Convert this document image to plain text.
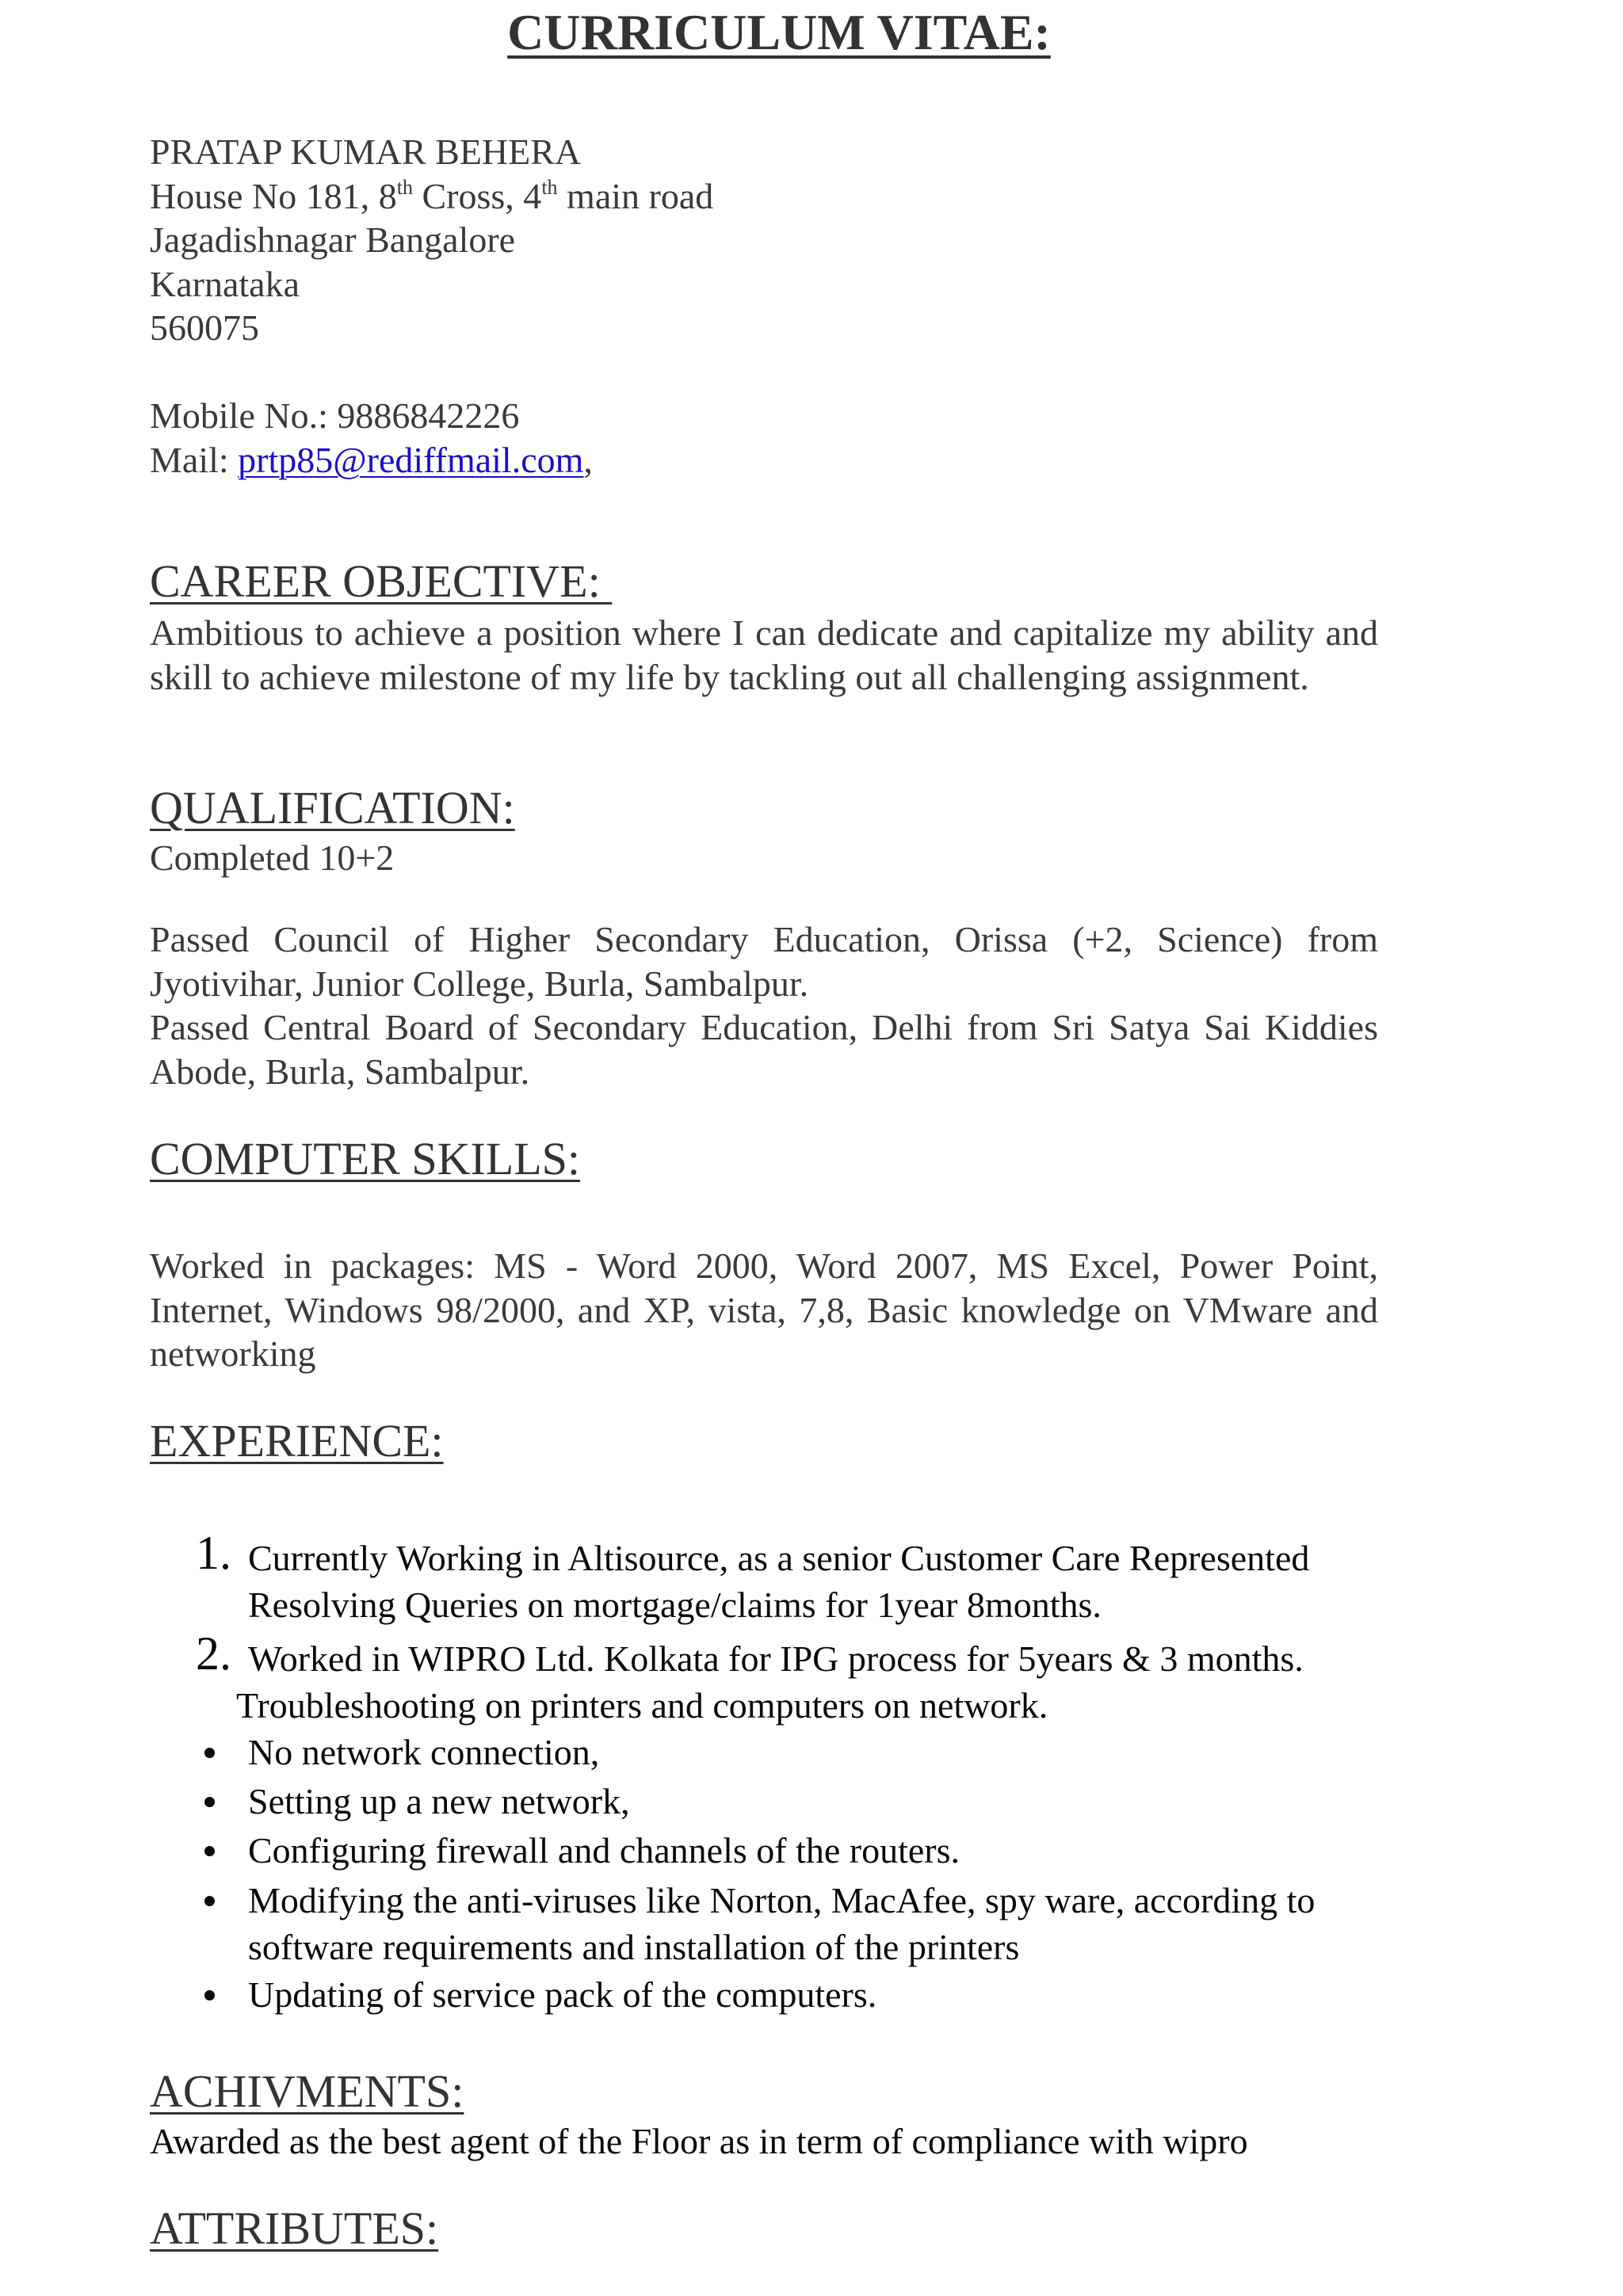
CURRICULUM VITAE:
PRATAP KUMAR BEHERA
House No 181, 8th Cross, 4th main road
Jagadishnagar Bangalore
Karnataka
560075
Mobile No.: 9886842226
Mail: prtp85@rediffmail.com,
CAREER OBJECTIVE:
Ambitious to achieve a position where I can dedicate and capitalize my ability and skill to achieve milestone of my life by tackling out all challenging assignment.
QUALIFICATION:
Completed 10+2
Passed Council of Higher Secondary Education, Orissa (+2, Science) from Jyotivihar, Junior College, Burla, Sambalpur.
Passed Central Board of Secondary Education, Delhi from Sri Satya Sai Kiddies Abode, Burla, Sambalpur.
COMPUTER SKILLS:
Worked in packages: MS - Word 2000, Word 2007, MS Excel, Power Point, Internet, Windows 98/2000, and XP, vista, 7,8, Basic knowledge on VMware and networking
EXPERIENCE:
1. Currently Working in Altisource, as a senior Customer Care Represented
Resolving Queries on mortgage/claims for 1year 8months.
2. Worked in WIPRO Ltd. Kolkata for IPG process for 5years & 3 months.
Troubleshooting on printers and computers on network.
No network connection,
Setting up a new network,
Configuring firewall and channels of the routers.
Modifying the anti-viruses like Norton, MacAfee, spy ware, according to
software requirements and installation of the printers
Updating of service pack of the computers.
ACHIVMENTS:
Awarded as the best agent of the Floor as in term of compliance with wipro
ATTRIBUTES:
